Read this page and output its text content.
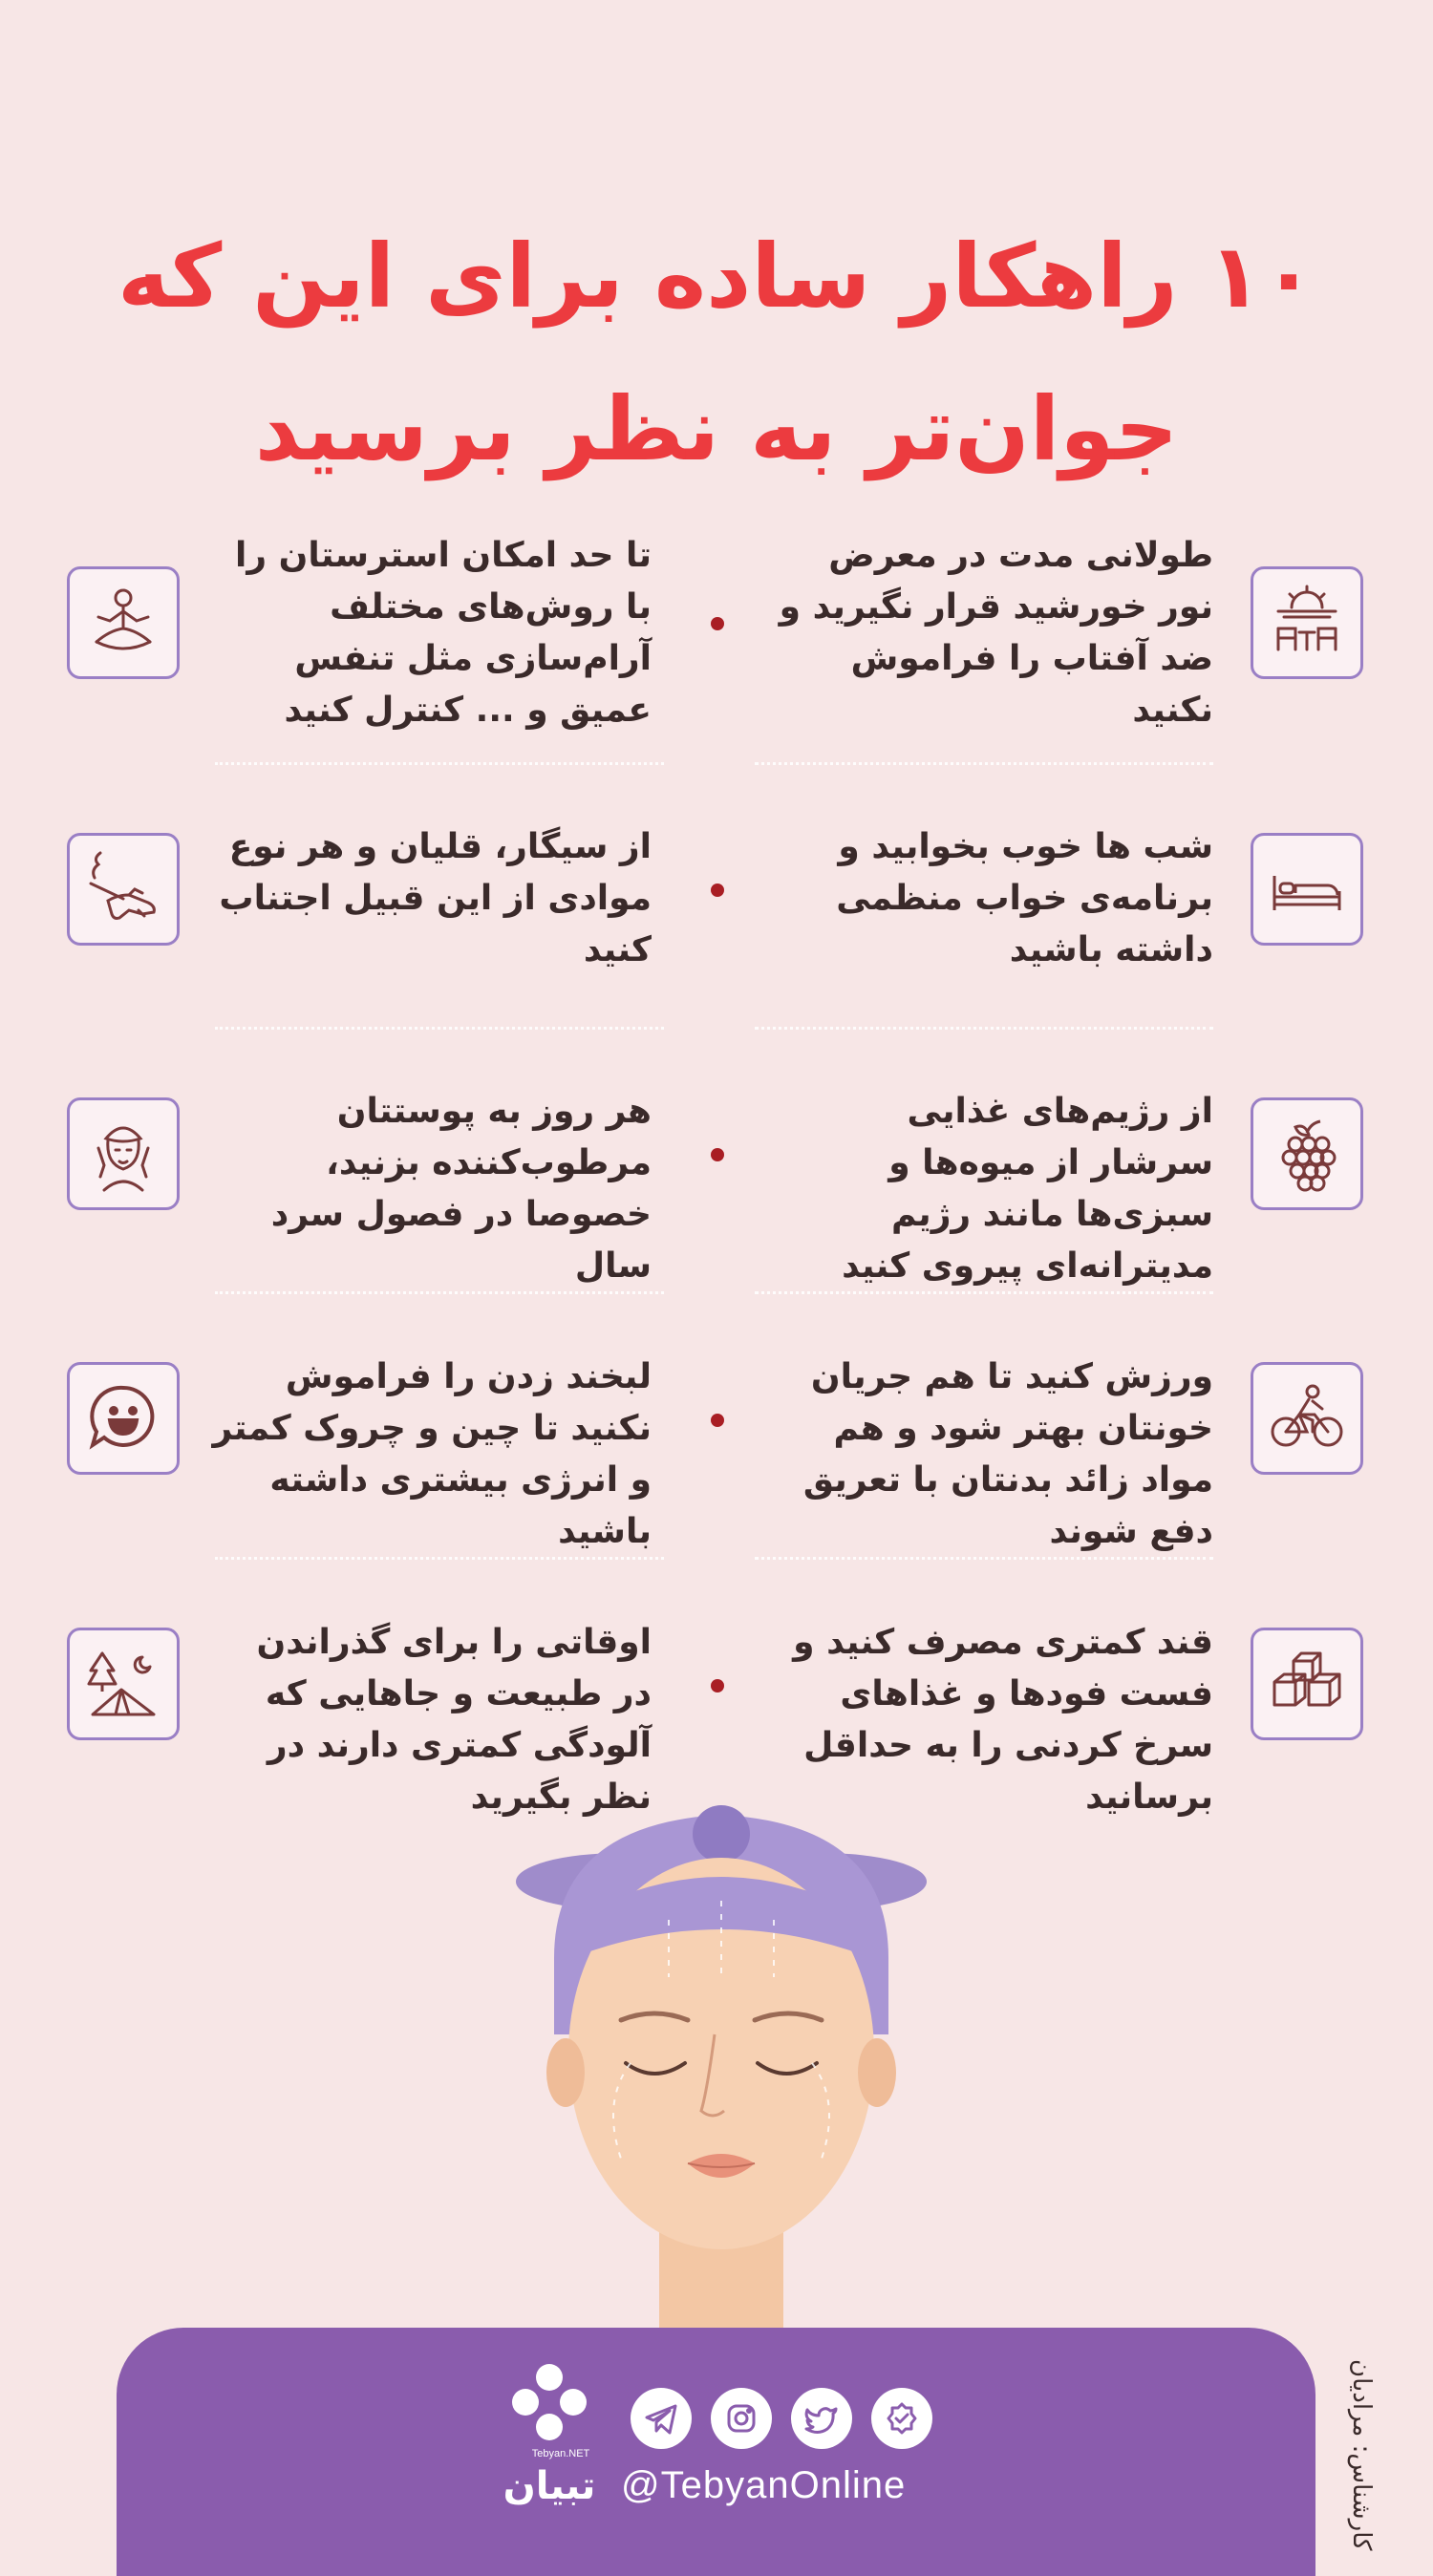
۱۰ راهکار ساده برای این که
جوان‌تر به نظر برسید
طولانی مدت در معرض نور خورشید قرار نگیرید و ضد آفتاب را فراموش نکنید
شب ها خوب بخوابید و برنامه‌ی خواب منظمی داشته باشید
از رژیم‌های غذایی سرشار از میوه‌ها و سبزی‌ها مانند رژیم مدیترانه‌ای پیروی کنید
ورزش کنید تا هم جریان خونتان بهتر شود و هم مواد زائد بدنتان با تعریق دفع شوند
قند کمتری مصرف کنید و فست فودها و غذاهای سرخ کردنی را به حداقل برسانید
تا حد امکان استرستان را با روش‌های مختلف آرام‌سازی مثل تنفس عمیق و ... کنترل کنید
از سیگار، قلیان و هر نوع موادی از این قبیل اجتناب کنید
هر روز به پوستتان مرطوب‌کننده بزنید، خصوصا در فصول سرد سال
لبخند زدن را فراموش نکنید تا چین و چروک کمتر و انرژی بیشتری داشته باشید
اوقاتی را برای گذراندن در طبیعت و جاهایی که آلودگی کمتری دارند در نظر بگیرید
تبیان
Tebyan.NET
@TebyanOnline	کارشناس: مرادیان
